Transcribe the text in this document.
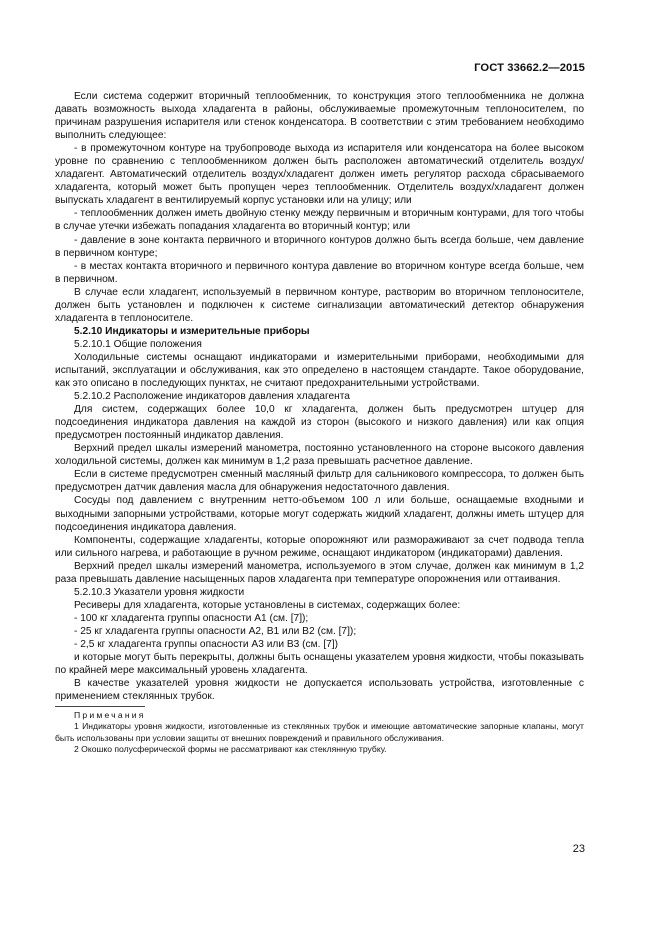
ГОСТ 33662.2—2015

Если система содержит вторичный теплообменник, то конструкция этого теплообменника не должна давать возможность выхода хладагента в районы, обслуживаемые промежуточным теплоносителем, по причинам разрушения испарителя или стенок конденсатора. В соответствии с этим требованием необходимо выполнить следующее:

- в промежуточном контуре на трубопроводе выхода из испарителя или конденсатора на более высоком уровне по сравнению с теплообменником должен быть расположен автоматический отделитель воздух/хладагент. Автоматический отделитель воздух/хладагент должен иметь регулятор расхода сбрасываемого хладагента, который может быть пропущен через теплообменник. Отделитель воздух/хладагент должен выпускать хладагент в вентилируемый корпус установки или на улицу; или

- теплообменник должен иметь двойную стенку между первичным и вторичным контурами, для того чтобы в случае утечки избежать попадания хладагента во вторичный контур; или

- давление в зоне контакта первичного и вторичного контуров должно быть всегда больше, чем давление в первичном контуре;

- в местах контакта вторичного и первичного контура давление во вторичном контуре всегда больше, чем в первичном.

В случае если хладагент, используемый в первичном контуре, растворим во вторичном теплоносителе, должен быть установлен и подключен к системе сигнализации автоматический детектор обнаружения хладагента в теплоносителе.

5.2.10 Индикаторы и измерительные приборы

5.2.10.1 Общие положения

Холодильные системы оснащают индикаторами и измерительными приборами, необходимыми для испытаний, эксплуатации и обслуживания, как это определено в настоящем стандарте. Такое оборудование, как это описано в последующих пунктах, не считают предохранительными устройствами.

5.2.10.2 Расположение индикаторов давления хладагента

Для систем, содержащих более 10,0 кг хладагента, должен быть предусмотрен штуцер для подсоединения индикатора давления на каждой из сторон (высокого и низкого давления) или как опция предусмотрен постоянный индикатор давления.

Верхний предел шкалы измерений манометра, постоянно установленного на стороне высокого давления холодильной системы, должен как минимум в 1,2 раза превышать расчетное давление.

Если в системе предусмотрен сменный масляный фильтр для сальникового компрессора, то должен быть предусмотрен датчик давления масла для обнаружения недостаточного давления.

Сосуды под давлением с внутренним нетто-объемом 100 л или больше, оснащаемые входными и выходными запорными устройствами, которые могут содержать жидкий хладагент, должны иметь штуцер для подсоединения индикатора давления.

Компоненты, содержащие хладагенты, которые опорожняют или размораживают за счет подвода тепла или сильного нагрева, и работающие в ручном режиме, оснащают индикатором (индикаторами) давления.

Верхний предел шкалы измерений манометра, используемого в этом случае, должен как минимум в 1,2 раза превышать давление насыщенных паров хладагента при температуре опорожнения или оттаивания.

5.2.10.3 Указатели уровня жидкости

Ресиверы для хладагента, которые установлены в системах, содержащих более:

- 100 кг хладагента группы опасности А1 (см. [7]);

- 25 кг хладагента группы опасности А2, В1 или В2 (см. [7]);

- 2,5 кг хладагента группы опасности А3 или В3 (см. [7])

и которые могут быть перекрыты, должны быть оснащены указателем уровня жидкости, чтобы показывать по крайней мере максимальный уровень хладагента.

В качестве указателей уровня жидкости не допускается использовать устройства, изготовленные с применением стеклянных трубок.

Примечания

1 Индикаторы уровня жидкости, изготовленные из стеклянных трубок и имеющие автоматические запорные клапаны, могут быть использованы при условии защиты от внешних повреждений и правильного обслуживания.

2 Окошко полусферической формы не рассматривают как стеклянную трубку.

23
